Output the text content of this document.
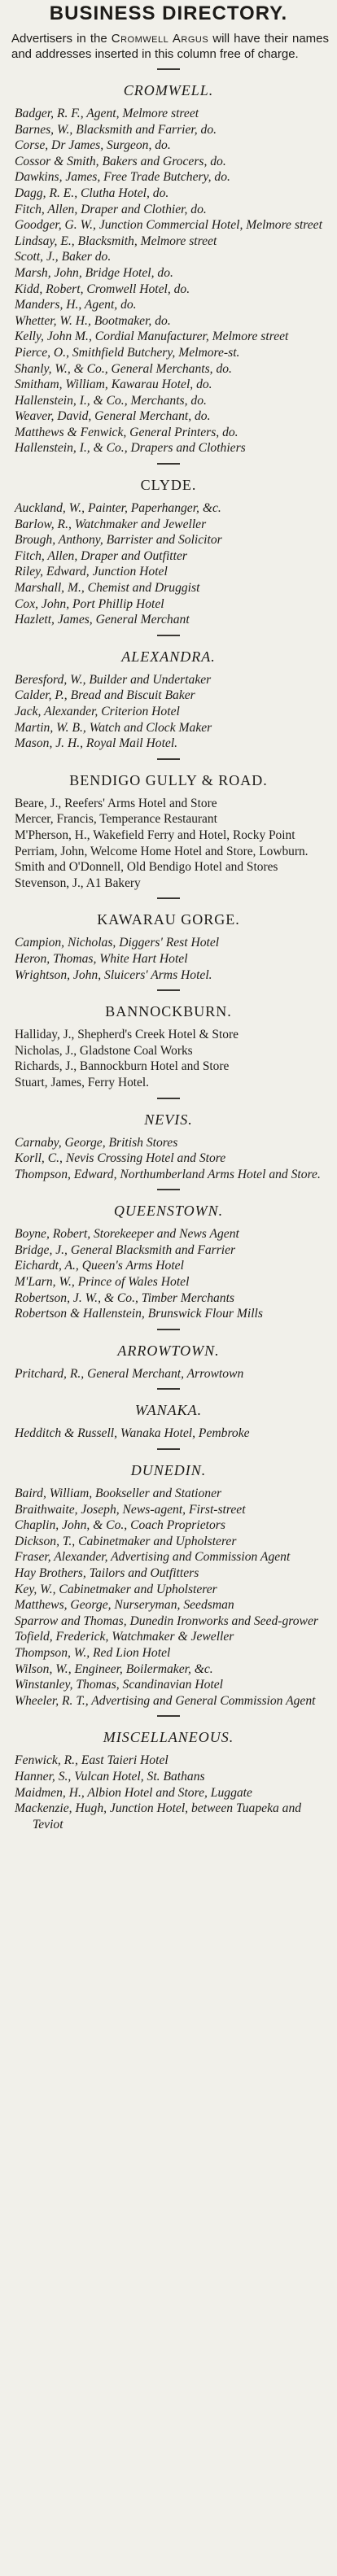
BUSINESS DIRECTORY.
Advertisers in the Cromwell Argus will have their names and addresses inserted in this column free of charge.
CROMWELL.

Badger, R. F., Agent, Melmore street

Barnes, W., Blacksmith and Farrier, do.

Corse, Dr James, Surgeon, do.

Cossor & Smith, Bakers and Grocers, do.

Dawkins, James, Free Trade Butchery, do.

Dagg, R. E., Clutha Hotel, do.

Fitch, Allen, Draper and Clothier, do.

Goodger, G. W., Junction Commercial Hotel, Melmore street

Lindsay, E., Blacksmith, Melmore street

Scott, J., Baker do.

Marsh, John, Bridge Hotel, do.

Kidd, Robert, Cromwell Hotel, do.

Manders, H., Agent, do.

Whetter, W. H., Bootmaker, do.

Kelly, John M., Cordial Manufacturer, Melmore street

Pierce, O., Smithfield Butchery, Melmore-st.

Shanly, W., & Co., General Merchants, do.

Smitham, William, Kawarau Hotel, do.

Hallenstein, I., & Co., Merchants, do.

Weaver, David, General Merchant, do.

Matthews & Fenwick, General Printers, do.

Hallenstein, I., & Co., Drapers and Clothiers

CLYDE.

Auckland, W., Painter, Paperhanger, &c.

Barlow, R., Watchmaker and Jeweller

Brough, Anthony, Barrister and Solicitor

Fitch, Allen, Draper and Outfitter

Riley, Edward, Junction Hotel

Marshall, M., Chemist and Druggist

Cox, John, Port Phillip Hotel

Hazlett, James, General Merchant

ALEXANDRA.

Beresford, W., Builder and Undertaker

Calder, P., Bread and Biscuit Baker

Jack, Alexander, Criterion Hotel

Martin, W. B., Watch and Clock Maker

Mason, J. H., Royal Mail Hotel.

BENDIGO GULLY & ROAD.

Beare, J., Reefers' Arms Hotel and Store

Mercer, Francis, Temperance Restaurant

M'Pherson, H., Wakefield Ferry and Hotel, Rocky Point

Perriam, John, Welcome Home Hotel and Store, Lowburn.

Smith and O'Donnell, Old Bendigo Hotel and Stores

Stevenson, J., A1 Bakery

KAWARAU GORGE.

Campion, Nicholas, Diggers' Rest Hotel

Heron, Thomas, White Hart Hotel

Wrightson, John, Sluicers' Arms Hotel.

BANNOCKBURN.

Halliday, J., Shepherd's Creek Hotel & Store

Nicholas, J., Gladstone Coal Works

Richards, J., Bannockburn Hotel and Store

Stuart, James, Ferry Hotel.

NEVIS.

Carnaby, George, British Stores

Korll, C., Nevis Crossing Hotel and Store

Thompson, Edward, Northumberland Arms Hotel and Store.

QUEENSTOWN.

Boyne, Robert, Storekeeper and News Agent

Bridge, J., General Blacksmith and Farrier

Eichardt, A., Queen's Arms Hotel

M'Larn, W., Prince of Wales Hotel

Robertson, J. W., & Co., Timber Merchants

Robertson & Hallenstein, Brunswick Flour Mills

ARROWTOWN.

Pritchard, R., General Merchant, Arrowtown

WANAKA.

Hedditch & Russell, Wanaka Hotel, Pembroke

DUNEDIN.

Baird, William, Bookseller and Stationer

Braithwaite, Joseph, News-agent, First-street

Chaplin, John, & Co., Coach Proprietors

Dickson, T., Cabinetmaker and Upholsterer

Fraser, Alexander, Advertising and Commission Agent

Hay Brothers, Tailors and Outfitters

Key, W., Cabinetmaker and Upholsterer

Matthews, George, Nurseryman, Seedsman

Sparrow and Thomas, Dunedin Ironworks and Seed-grower

Tofield, Frederick, Watchmaker & Jeweller

Thompson, W., Red Lion Hotel

Wilson, W., Engineer, Boilermaker, &c.

Winstanley, Thomas, Scandinavian Hotel

Wheeler, R. T., Advertising and General Commission Agent

MISCELLANEOUS.

Fenwick, R., East Taieri Hotel

Hanner, S., Vulcan Hotel, St. Bathans

Maidmen, H., Albion Hotel and Store, Luggate

Mackenzie, Hugh, Junction Hotel, between Tuapeka and Teviot
